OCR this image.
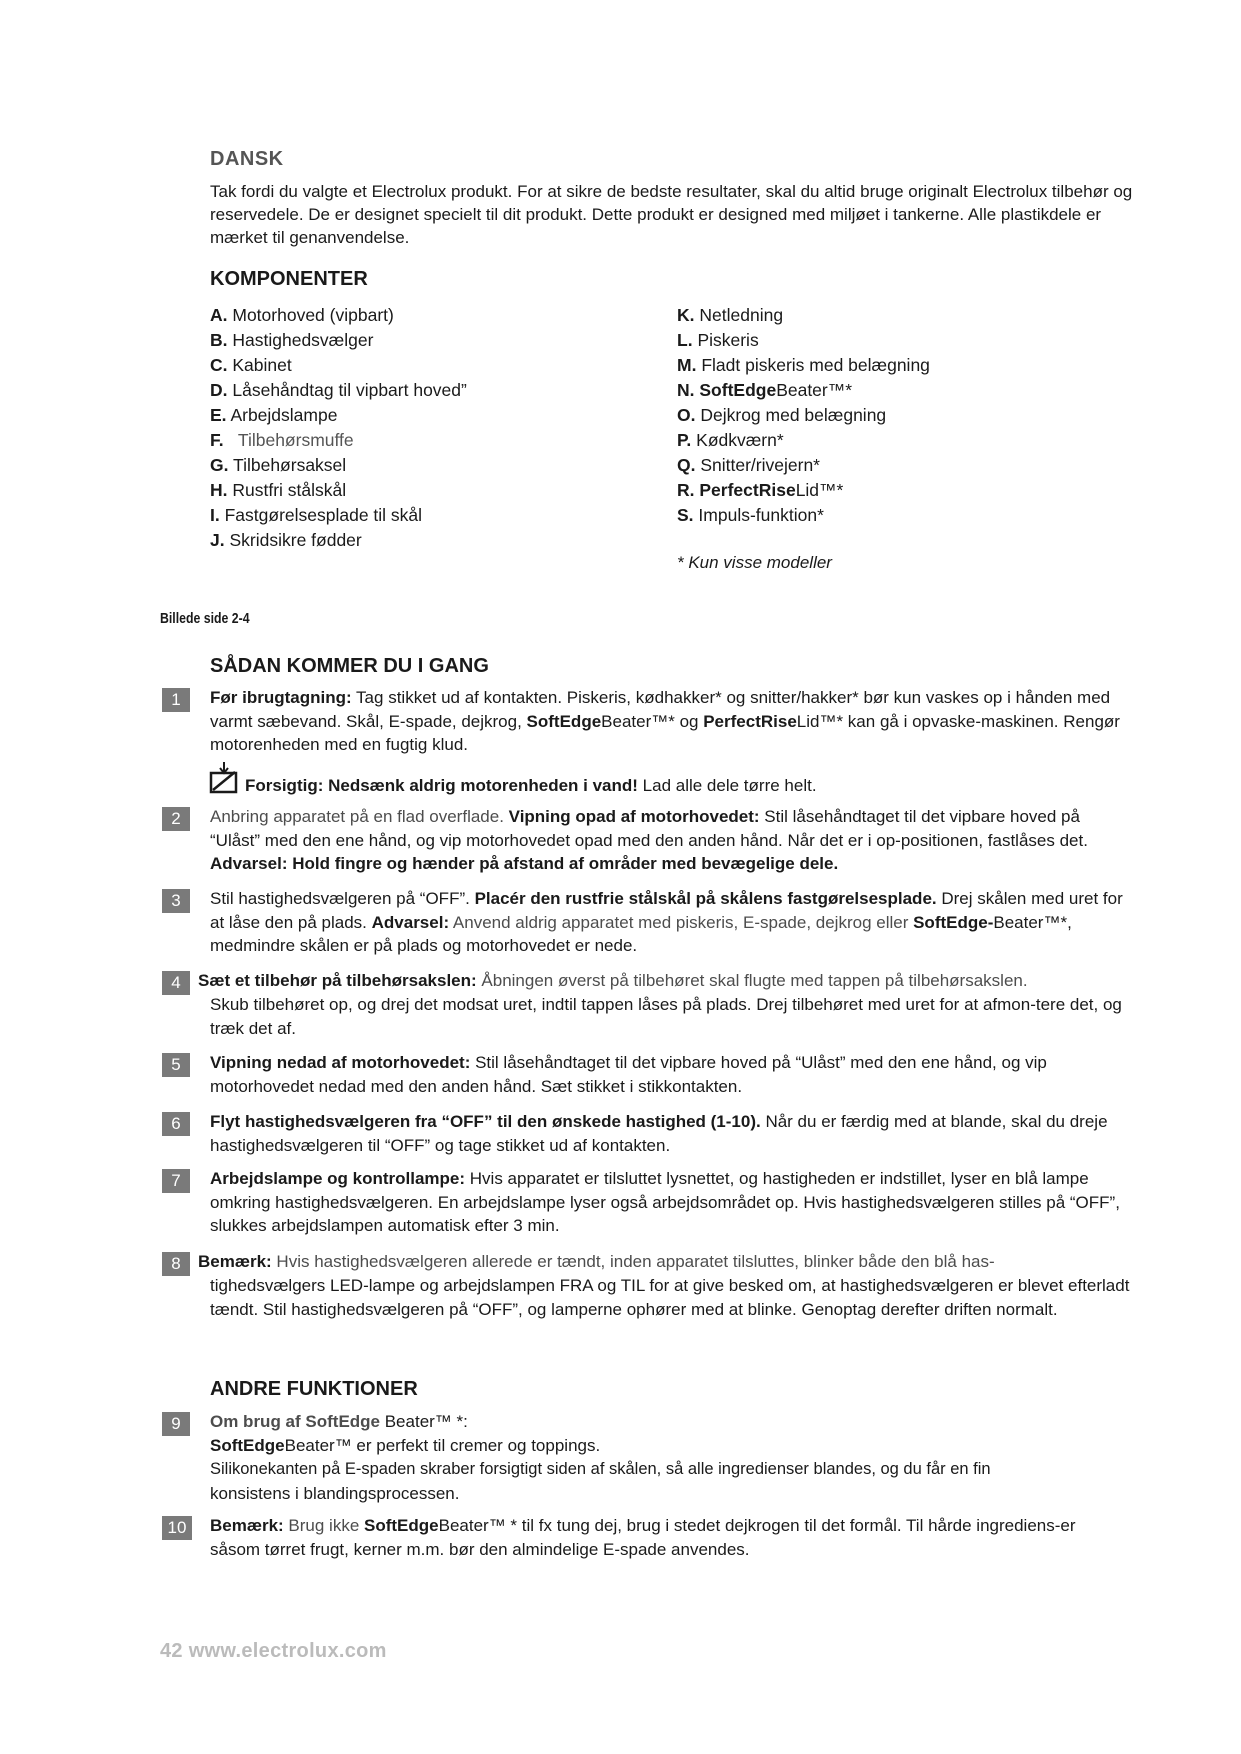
DANSK
Tak fordi du valgte et Electrolux produkt. For at sikre de bedste resultater, skal du altid bruge originalt Electrolux tilbehør og reservedele. De er designet specielt til dit produkt. Dette produkt er designed med miljøet i tankerne. Alle plastikdele er mærket til genanvendelse.
KOMPONENTER
A. Motorhoved (vipbart)
B. Hastighedsvælger
C. Kabinet
D. Låsehåndtag til vipbart hoved”
E. Arbejdslampe
F. Tilbehørsmuffe
G. Tilbehørsaksel
H. Rustfri stålskål
I. Fastgørelsesplade til skål
J. Skridsikre fødder
K. Netledning
L. Piskeris
M. Fladt piskeris med belægning
N. SoftEdgeBeater™*
O. Dejkrog med belægning
P. Kødkværn*
Q. Snitter/rivejern*
R. PerfectRiseLid™*
S. Impuls-funktion*
* Kun visse modeller
Billede side 2-4
SÅDAN KOMMER DU I GANG
1	Før ibrugtagning: Tag stikket ud af kontakten. Piskeris, kødhakker* og snitter/hakker* bør kun vaskes op i hånden med varmt sæbevand. Skål, E-spade, dejkrog, SoftEdgeBeater™* og PerfectRiseLid™* kan gå i opvaske-maskinen. Rengør motorenheden med en fugtig klud.
Forsigtig: Nedsænk aldrig motorenheden i vand! Lad alle dele tørre helt.
2	Anbring apparatet på en flad overflade. Vipning opad af motorhovedet: Stil låsehåndtaget til det vipbare hoved på “Ulåst” med den ene hånd, og vip motorhovedet opad med den anden hånd. Når det er i op-positionen, fastlåses det. Advarsel: Hold fingre og hænder på afstand af områder med bevægelige dele.
3	Stil hastighedsvælgeren på “OFF”. Placér den rustfrie stålskål på skålens fastgørelsesplade. Drej skålen med uret for at låse den på plads. Advarsel: Anvend aldrig apparatet med piskeris, E-spade, dejkrog eller SoftEdge-Beater™*, medmindre skålen er på plads og motorhovedet er nede.
4	Sæt et tilbehør på tilbehørsakslen: Åbningen øverst på tilbehøret skal flugte med tappen på tilbehørsakslen.
Skub tilbehøret op, og drej det modsat uret, indtil tappen låses på plads. Drej tilbehøret med uret for at afmon-tere det, og træk det af.
5	Vipning nedad af motorhovedet: Stil låsehåndtaget til det vipbare hoved på “Ulåst” med den ene hånd, og vip motorhovedet nedad med den anden hånd. Sæt stikket i stikkontakten.
6	Flyt hastighedsvælgeren fra “OFF” til den ønskede hastighed (1-10). Når du er færdig med at blande, skal du dreje hastighedsvælgeren til “OFF” og tage stikket ud af kontakten.
7	Arbejdslampe og kontrollampe: Hvis apparatet er tilsluttet lysnettet, og hastigheden er indstillet, lyser en blå lampe omkring hastighedsvælgeren. En arbejdslampe lyser også arbejdsområdet op. Hvis hastighedsvælgeren stilles på “OFF”, slukkes arbejdslampen automatisk efter 3 min.
8	Bemærk: Hvis hastighedsvælgeren allerede er tændt, inden apparatet tilsluttes, blinker både den blå has-
tighedsvælgers LED-lampe og arbejdslampen FRA og TIL for at give besked om, at hastighedsvælgeren er blevet efterladt tændt. Stil hastighedsvælgeren på “OFF”, og lamperne ophører med at blinke. Genoptag derefter driften normalt.
ANDRE FUNKTIONER
9	Om brug af SoftEdge Beater™ *:
SoftEdgeBeater™ er perfekt til cremer og toppings.
Silikonekanten på E-spaden skraber forsigtigt siden af skålen, så alle ingredienser blandes, og du får en fin
konsistens i blandingsprocessen.
10	Bemærk: Brug ikke SoftEdgeBeater™ * til fx tung dej, brug i stedet dejkrogen til det formål. Til hårde ingrediens-er såsom tørret frugt, kerner m.m. bør den almindelige E-spade anvendes.
42 www.electrolux.com
